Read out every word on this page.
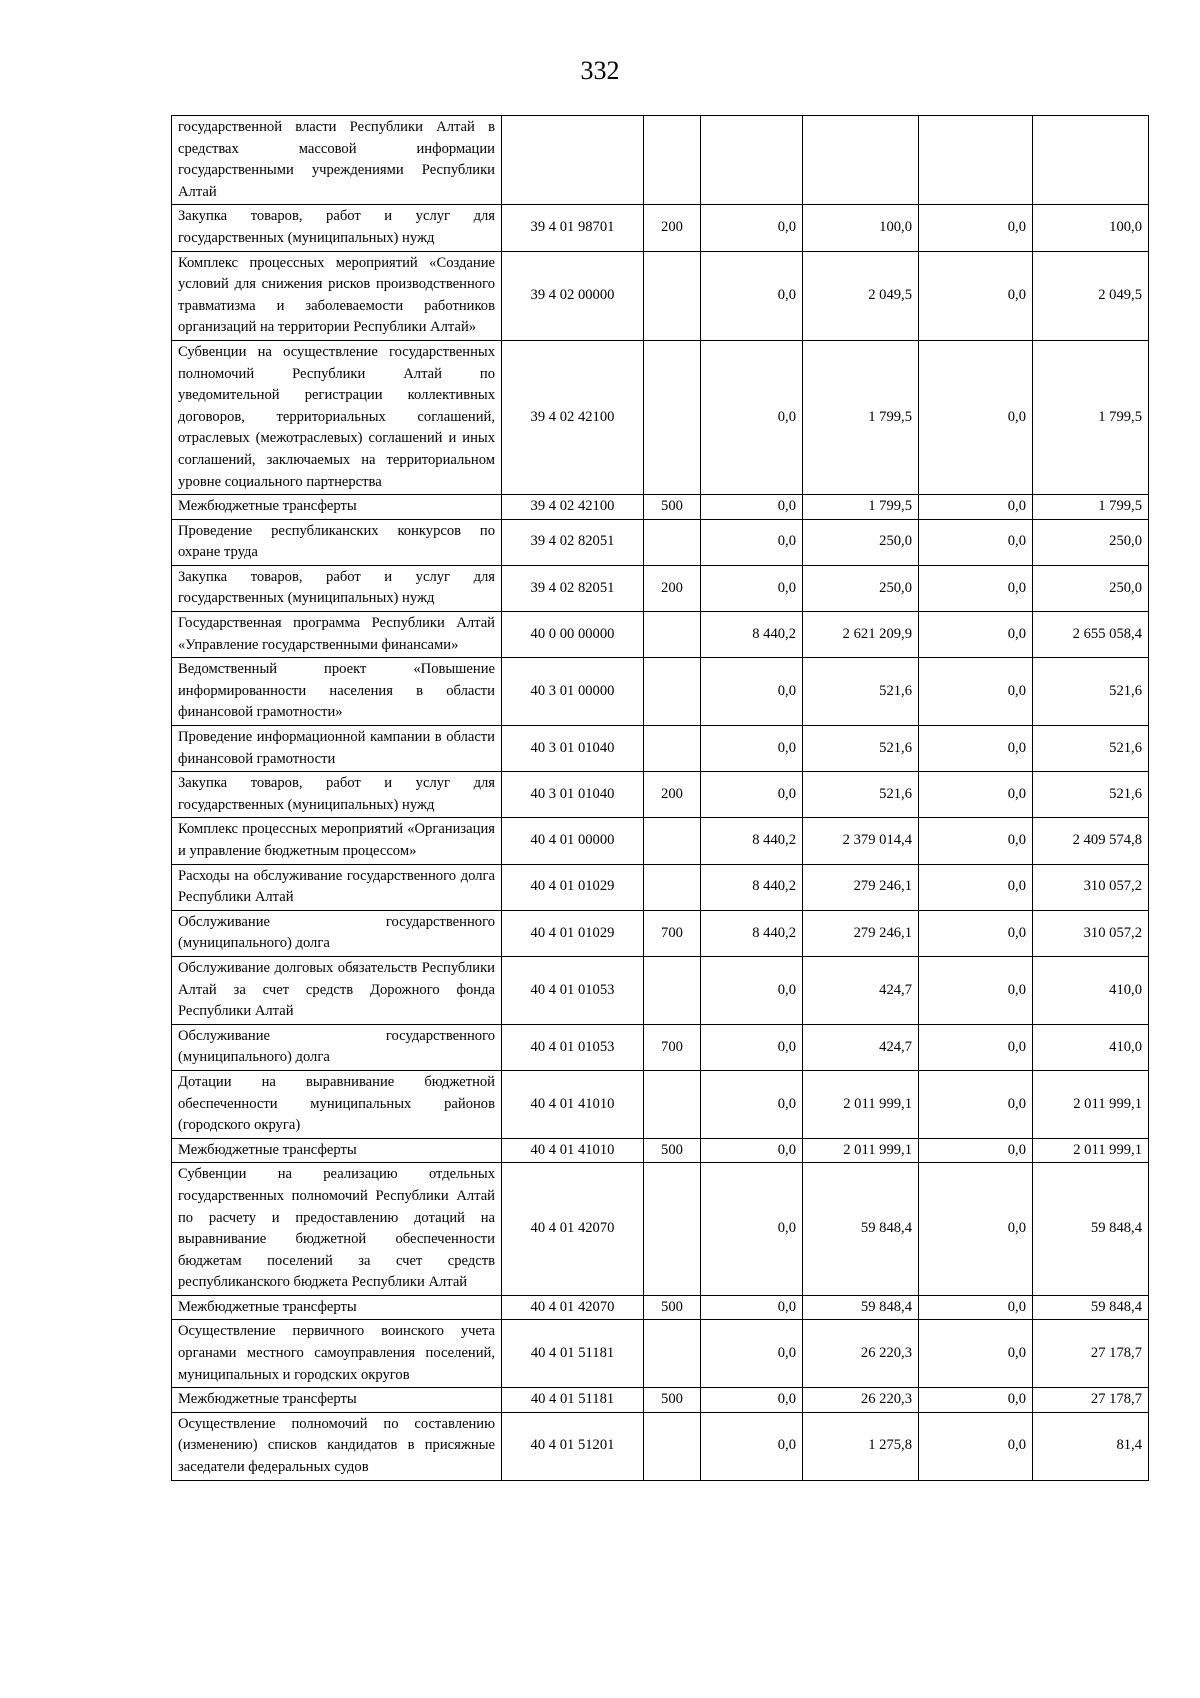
332
государственной власти Республики Алтай в средствах массовой информации государственными учреждениями Республики Алтай						
Закупка товаров, работ и услуг для государственных (муниципальных) нужд	39 4 01 98701	200	0,0	100,0	0,0	100,0
Комплекс процессных мероприятий «Создание условий для снижения рисков производственного травматизма и заболеваемости работников организаций на территории Республики Алтай»	39 4 02 00000		0,0	2 049,5	0,0	2 049,5
Субвенции на осуществление государственных полномочий Республики Алтай по уведомительной регистрации коллективных договоров, территориальных соглашений, отраслевых (межотраслевых) соглашений и иных соглашений, заключаемых на территориальном уровне социального партнерства	39 4 02 42100		0,0	1 799,5	0,0	1 799,5
Межбюджетные трансферты	39 4 02 42100	500	0,0	1 799,5	0,0	1 799,5
Проведение республиканских конкурсов по охране труда	39 4 02 82051		0,0	250,0	0,0	250,0
Закупка товаров, работ и услуг для государственных (муниципальных) нужд	39 4 02 82051	200	0,0	250,0	0,0	250,0
Государственная программа Республики Алтай «Управление государственными финансами»	40 0 00 00000		8 440,2	2 621 209,9	0,0	2 655 058,4
Ведомственный проект «Повышение информированности населения в области финансовой грамотности»	40 3 01 00000		0,0	521,6	0,0	521,6
Проведение информационной кампании в области финансовой грамотности	40 3 01 01040		0,0	521,6	0,0	521,6
Закупка товаров, работ и услуг для государственных (муниципальных) нужд	40 3 01 01040	200	0,0	521,6	0,0	521,6
Комплекс процессных мероприятий «Организация и управление бюджетным процессом»	40 4 01 00000		8 440,2	2 379 014,4	0,0	2 409 574,8
Расходы на обслуживание государственного долга Республики Алтай	40 4 01 01029		8 440,2	279 246,1	0,0	310 057,2
Обслуживание государственного (муниципального) долга	40 4 01 01029	700	8 440,2	279 246,1	0,0	310 057,2
Обслуживание долговых обязательств Республики Алтай за счет средств Дорожного фонда Республики Алтай	40 4 01 01053		0,0	424,7	0,0	410,0
Обслуживание государственного (муниципального) долга	40 4 01 01053	700	0,0	424,7	0,0	410,0
Дотации на выравнивание бюджетной обеспеченности муниципальных районов (городского округа)	40 4 01 41010		0,0	2 011 999,1	0,0	2 011 999,1
Межбюджетные трансферты	40 4 01 41010	500	0,0	2 011 999,1	0,0	2 011 999,1
Субвенции на реализацию отдельных государственных полномочий Республики Алтай по расчету и предоставлению дотаций на выравнивание бюджетной обеспеченности бюджетам поселений за счет средств республиканского бюджета Республики Алтай	40 4 01 42070		0,0	59 848,4	0,0	59 848,4
Межбюджетные трансферты	40 4 01 42070	500	0,0	59 848,4	0,0	59 848,4
Осуществление первичного воинского учета органами местного самоуправления поселений, муниципальных и городских округов	40 4 01 51181		0,0	26 220,3	0,0	27 178,7
Межбюджетные трансферты	40 4 01 51181	500	0,0	26 220,3	0,0	27 178,7
Осуществление полномочий по составлению (изменению) списков кандидатов в присяжные заседатели федеральных судов	40 4 01 51201		0,0	1 275,8	0,0	81,4
